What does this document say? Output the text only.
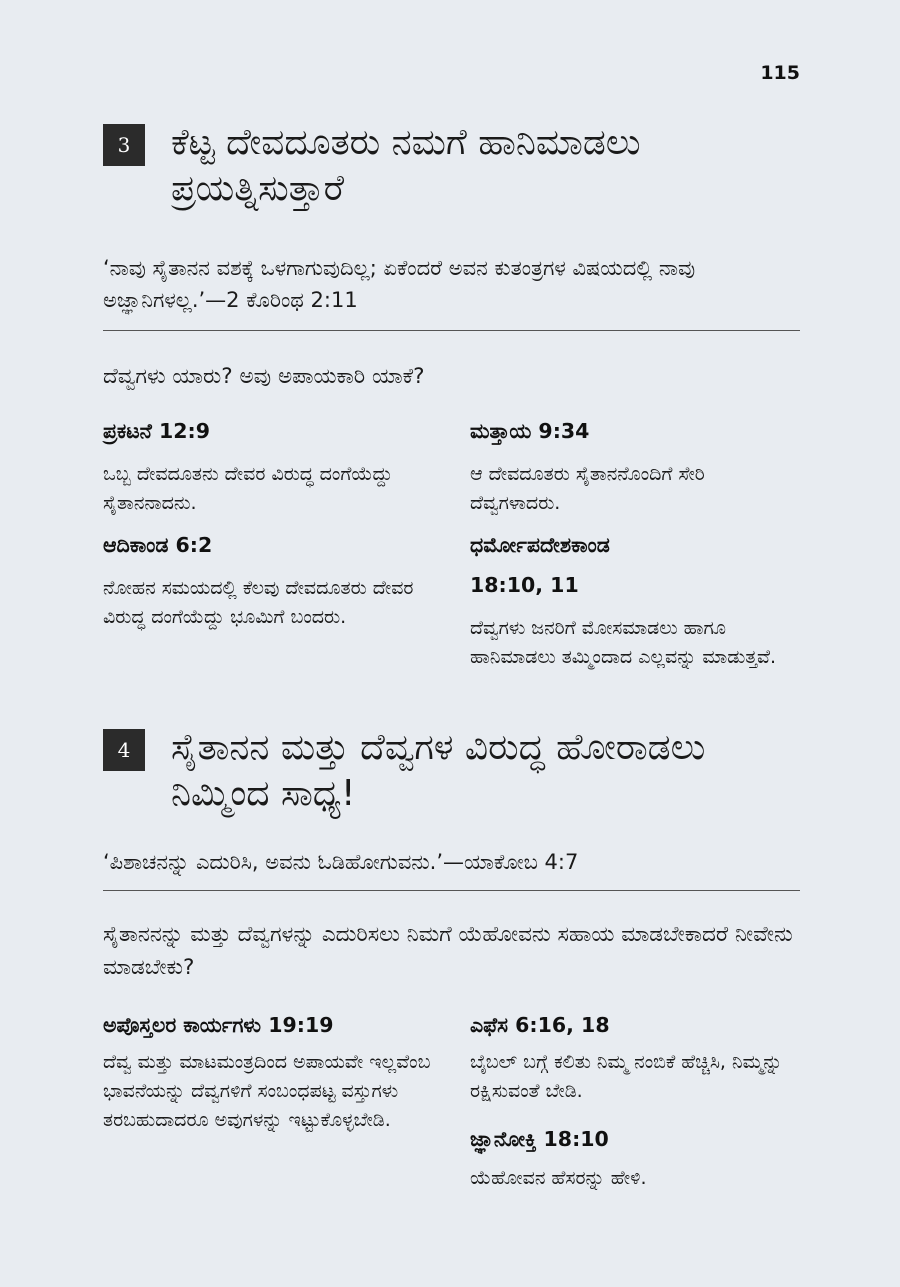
115
3	ಕೆಟ್ಟ ದೇವದೂತರು ನಮಗೆ ಹಾನಿಮಾಡಲು ಪ್ರಯತ್ನಿಸುತ್ತಾರೆ

‘ನಾವು ಸೈತಾನನ ವಶಕ್ಕೆ ಒಳಗಾಗುವುದಿಲ್ಲ; ಏಕೆಂದರೆ ಅವನ ಕುತಂತ್ರಗಳ ವಿಷಯದಲ್ಲಿ ನಾವು ಅಜ್ಞಾನಿಗಳಲ್ಲ.’—2 ಕೊರಿಂಥ 2:11

ದೆವ್ವಗಳು ಯಾರು? ಅವು ಅಪಾಯಕಾರಿ ಯಾಕೆ?

ಪ್ರಕಟನೆ 12:9

ಒಬ್ಬ ದೇವದೂತನು ದೇವರ ವಿರುದ್ಧ ದಂಗೆಯೆದ್ದು ಸೈತಾನನಾದನು.

ಮತ್ತಾಯ 9:34

ಆ ದೇವದೂತರು ಸೈತಾನನೊಂದಿಗೆ ಸೇರಿ ದೆವ್ವಗಳಾದರು.

ಆದಿಕಾಂಡ 6:2

ನೋಹನ ಸಮಯದಲ್ಲಿ ಕೆಲವು ದೇವದೂತರು ದೇವರ ವಿರುದ್ಧ ದಂಗೆಯೆದ್ದು ಭೂಮಿಗೆ ಬಂದರು.

ಧರ್ಮೋಪದೇಶಕಾಂಡ
18:10, 11

ದೆವ್ವಗಳು ಜನರಿಗೆ ಮೋಸಮಾಡಲು ಹಾಗೂ ಹಾನಿಮಾಡಲು ತಮ್ಮಿಂದಾದ ಎಲ್ಲವನ್ನು ಮಾಡುತ್ತವೆ.

4	ಸೈತಾನನ ಮತ್ತು ದೆವ್ವಗಳ ವಿರುದ್ಧ ಹೋರಾಡಲು ನಿಮ್ಮಿಂದ ಸಾಧ್ಯ!

‘ಪಿಶಾಚನನ್ನು ಎದುರಿಸಿ, ಅವನು ಓಡಿಹೋಗುವನು.’—ಯಾಕೋಬ 4:7

ಸೈತಾನನನ್ನು ಮತ್ತು ದೆವ್ವಗಳನ್ನು ಎದುರಿಸಲು ನಿಮಗೆ ಯೆಹೋವನು ಸಹಾಯ ಮಾಡಬೇಕಾದರೆ ನೀವೇನು ಮಾಡಬೇಕು?

ಅಪೊಸ್ತಲರ ಕಾರ್ಯಗಳು 19:19

ದೆವ್ವ ಮತ್ತು ಮಾಟಮಂತ್ರದಿಂದ ಅಪಾಯವೇ ಇಲ್ಲವೆಂಬ ಭಾವನೆಯನ್ನು ದೆವ್ವಗಳಿಗೆ ಸಂಬಂಧಪಟ್ಟ ವಸ್ತುಗಳು ತರಬಹುದಾದರೂ ಅವುಗಳನ್ನು ಇಟ್ಟುಕೊಳ್ಳಬೇಡಿ.

ಎಫೆಸ 6:16, 18

ಬೈಬಲ್ ಬಗ್ಗೆ ಕಲಿತು ನಿಮ್ಮ ನಂಬಿಕೆ ಹೆಚ್ಚಿಸಿ, ನಿಮ್ಮನ್ನು ರಕ್ಷಿಸುವಂತೆ ಬೇಡಿ.

ಜ್ಞಾನೋಕ್ತಿ 18:10

ಯೆಹೋವನ ಹೆಸರನ್ನು ಹೇಳಿ.
